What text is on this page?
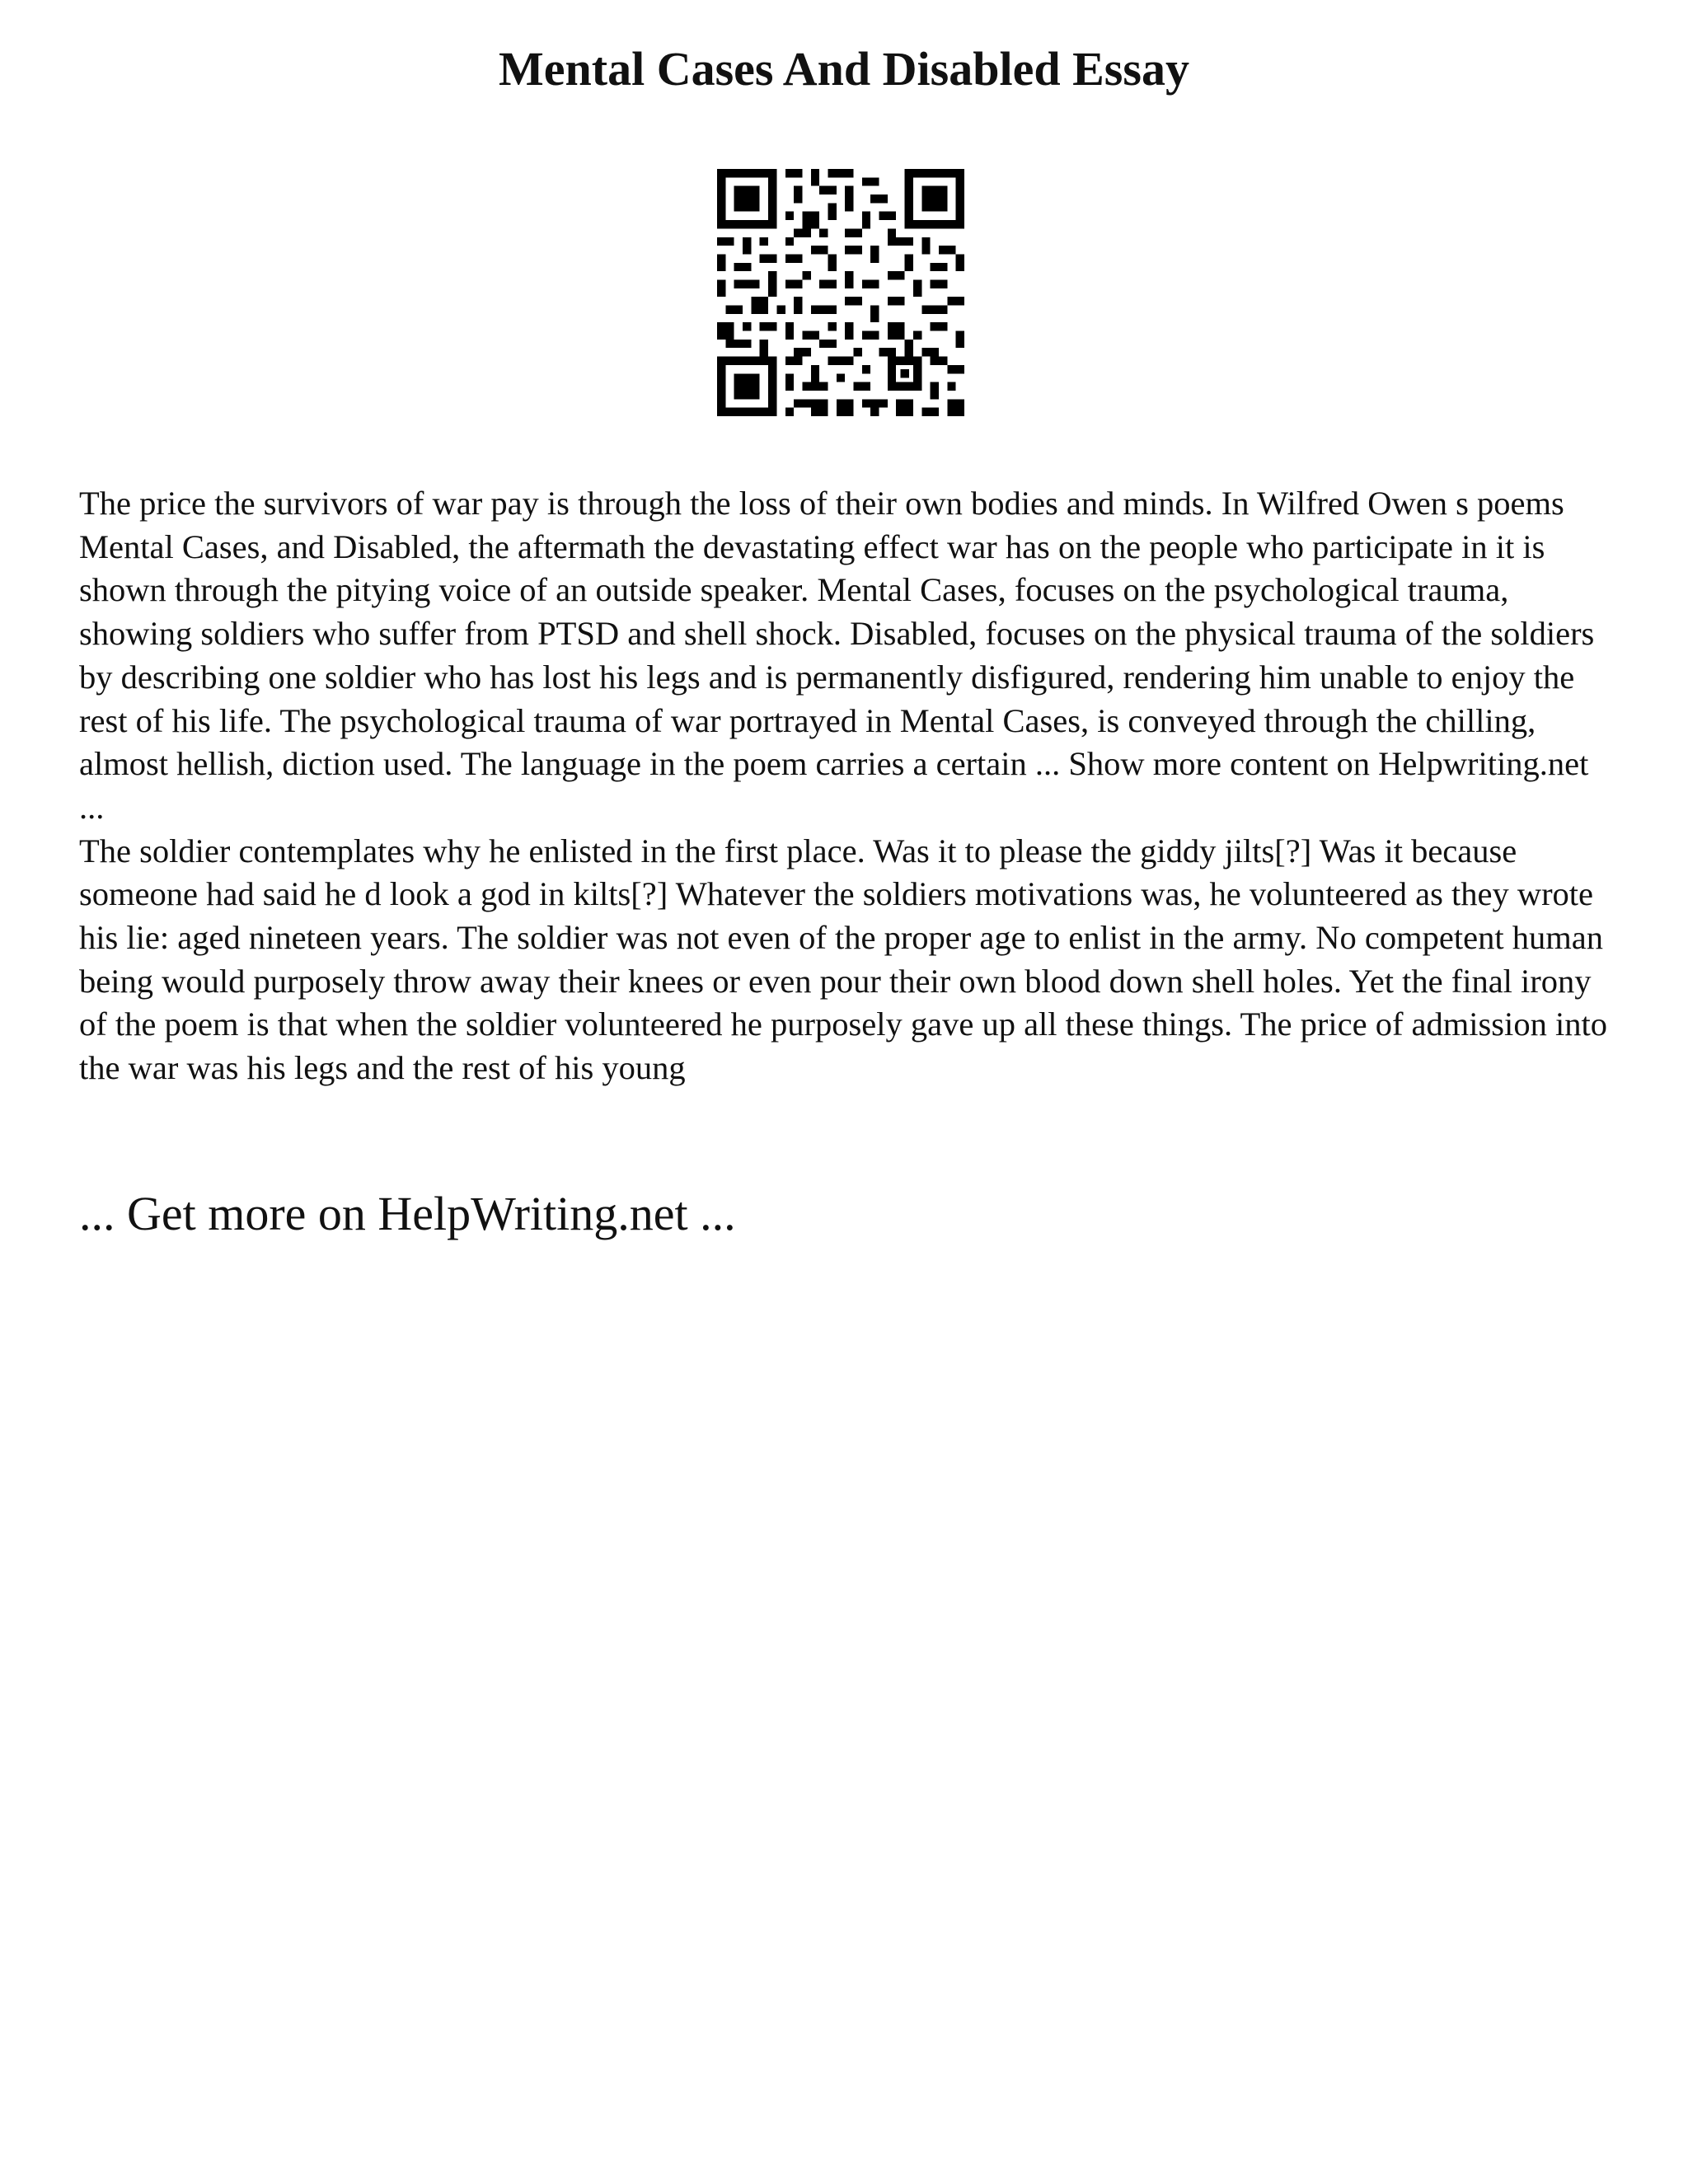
Mental Cases And Disabled Essay

The price the survivors of war pay is through the loss of their own bodies and minds. In Wilfred Owen s poems Mental Cases, and Disabled, the aftermath the devastating effect war has on the people who participate in it is shown through the pitying voice of an outside speaker. Mental Cases, focuses on the psychological trauma, showing soldiers who suffer from PTSD and shell shock. Disabled, focuses on the physical trauma of the soldiers by describing one soldier who has lost his legs and is permanently disfigured, rendering him unable to enjoy the rest of his life. The psychological trauma of war portrayed in Mental Cases, is conveyed through the chilling, almost hellish, diction used. The language in the poem carries a certain ... Show more content on Helpwriting.net ...

The soldier contemplates why he enlisted in the first place. Was it to please the giddy jilts[?] Was it because someone had said he d look a god in kilts[?] Whatever the soldiers motivations was, he volunteered as they wrote his lie: aged nineteen years. The soldier was not even of the proper age to enlist in the army. No competent human being would purposely throw away their knees or even pour their own blood down shell holes. Yet the final irony of the poem is that when the soldier volunteered he purposely gave up all these things. The price of admission into the war was his legs and the rest of his young

... Get more on HelpWriting.net ...
